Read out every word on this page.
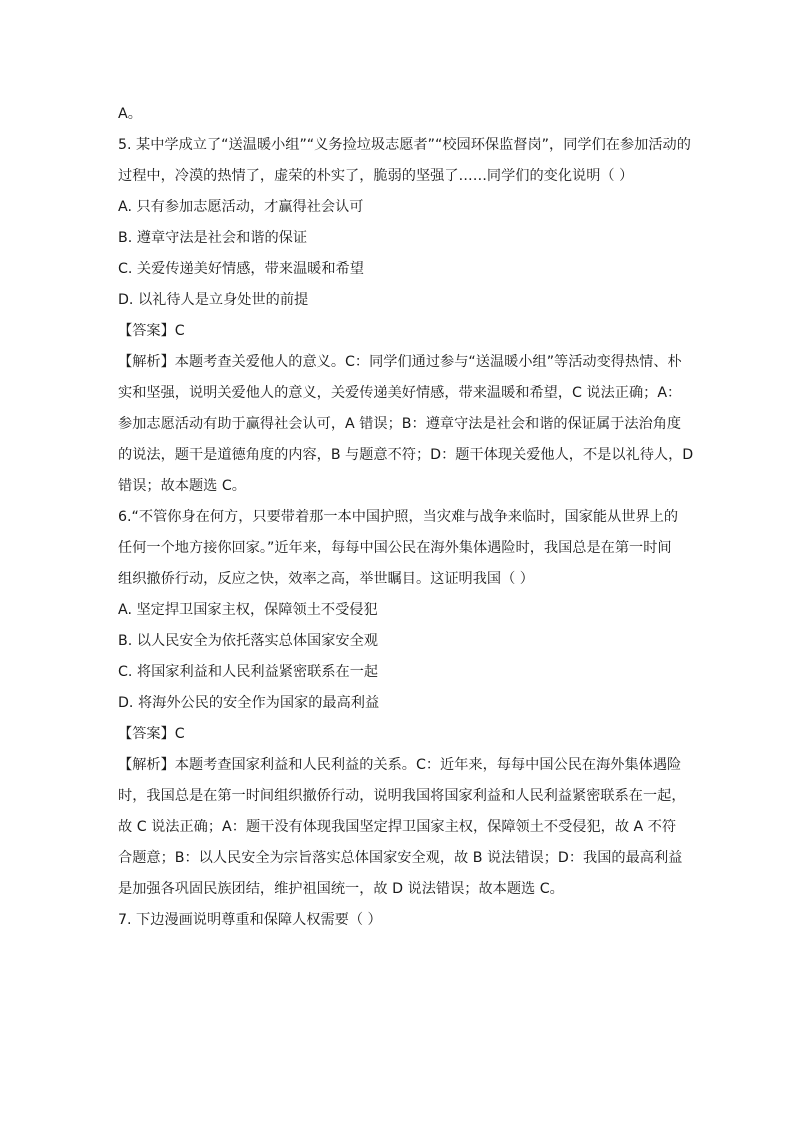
A。
5. 某中学成立了“送温暖小组”“义务捡垃圾志愿者”“校园环保监督岗”，同学们在参加活动的
过程中，冷漠的热情了，虚荣的朴实了，脆弱的坚强了……同学们的变化说明（ ）
A. 只有参加志愿活动，才赢得社会认可
B. 遵章守法是社会和谐的保证
C. 关爱传递美好情感，带来温暖和希望
D. 以礼待人是立身处世的前提
【答案】C
【解析】本题考查关爱他人的意义。C：同学们通过参与“送温暖小组”等活动变得热情、朴
实和坚强，说明关爱他人的意义，关爱传递美好情感，带来温暖和希望，C 说法正确；A：
参加志愿活动有助于赢得社会认可，A 错误；B：遵章守法是社会和谐的保证属于法治角度
的说法，题干是道德角度的内容，B 与题意不符；D：题干体现关爱他人，不是以礼待人，D
错误；故本题选 C。
6.“不管你身在何方，只要带着那一本中国护照，当灾难与战争来临时，国家能从世界上的
任何一个地方接你回家。”近年来，每每中国公民在海外集体遇险时，我国总是在第一时间
组织撤侨行动，反应之快，效率之高，举世瞩目。这证明我国（ ）
A. 坚定捍卫国家主权，保障领土不受侵犯
B. 以人民安全为依托落实总体国家安全观
C. 将国家利益和人民利益紧密联系在一起
D. 将海外公民的安全作为国家的最高利益
【答案】C
【解析】本题考查国家利益和人民利益的关系。C：近年来，每每中国公民在海外集体遇险
时，我国总是在第一时间组织撤侨行动，说明我国将国家利益和人民利益紧密联系在一起，
故 C 说法正确；A：题干没有体现我国坚定捍卫国家主权，保障领土不受侵犯，故 A 不符
合题意；B：以人民安全为宗旨落实总体国家安全观，故 B 说法错误；D：我国的最高利益
是加强各巩固民族团结，维护祖国统一，故 D 说法错误；故本题选 C。
7. 下边漫画说明尊重和保障人权需要（ ）
